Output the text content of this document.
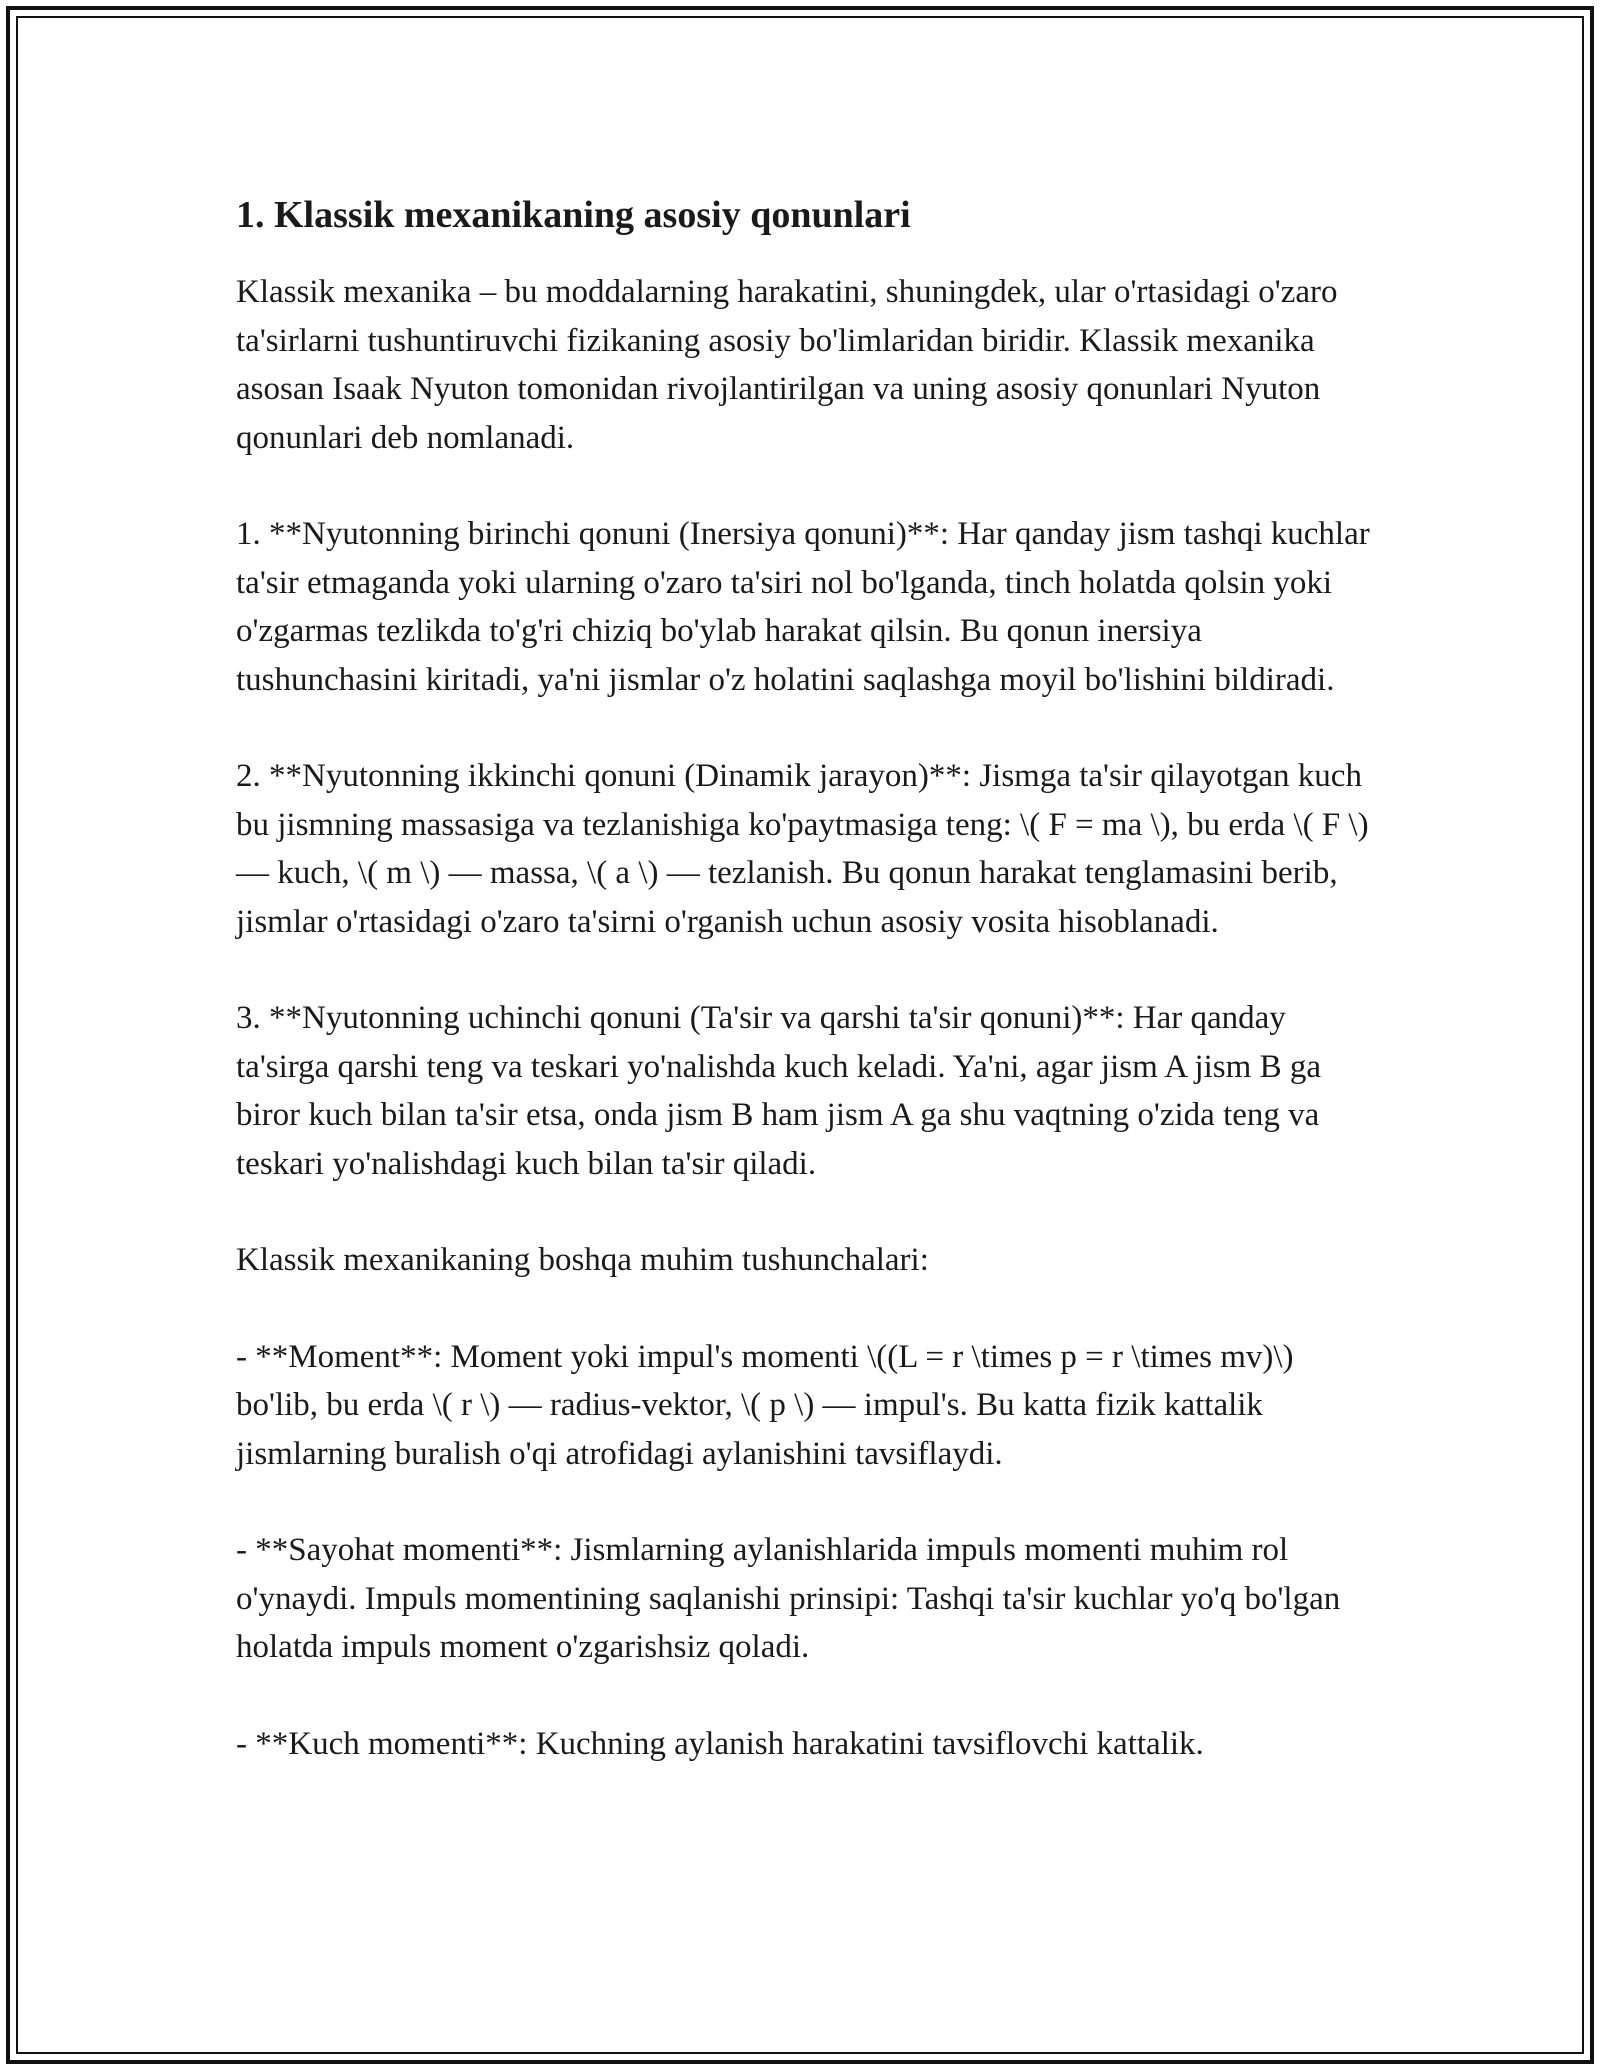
1. Klassik mexanikaning asosiy qonunlari

Klassik mexanika – bu moddalarning harakatini, shuningdek, ular o'rtasidagi o'zaro ta'sirlarni tushuntiruvchi fizikaning asosiy bo'limlaridan biridir. Klassik mexanika asosan Isaak Nyuton tomonidan rivojlantirilgan va uning asosiy qonunlari Nyuton qonunlari deb nomlanadi.

1. **Nyutonning birinchi qonuni (Inersiya qonuni)**: Har qanday jism tashqi kuchlar ta'sir etmaganda yoki ularning o'zaro ta'siri nol bo'lganda, tinch holatda qolsin yoki o'zgarmas tezlikda to'g'ri chiziq bo'ylab harakat qilsin. Bu qonun inersiya tushunchasini kiritadi, ya'ni jismlar o'z holatini saqlashga moyil bo'lishini bildiradi.

2. **Nyutonning ikkinchi qonuni (Dinamik jarayon)**: Jismga ta'sir qilayotgan kuch bu jismning massasiga va tezlanishiga ko'paytmasiga teng: \( F = ma \), bu erda \( F \) — kuch, \( m \) — massa, \( a \) — tezlanish. Bu qonun harakat tenglamasini berib, jismlar o'rtasidagi o'zaro ta'sirni o'rganish uchun asosiy vosita hisoblanadi.

3. **Nyutonning uchinchi qonuni (Ta'sir va qarshi ta'sir qonuni)**: Har qanday ta'sirga qarshi teng va teskari yo'nalishda kuch keladi. Ya'ni, agar jism A jism B ga biror kuch bilan ta'sir etsa, onda jism B ham jism A ga shu vaqtning o'zida teng va teskari yo'nalishdagi kuch bilan ta'sir qiladi.

Klassik mexanikaning boshqa muhim tushunchalari:

- **Moment**: Moment yoki impul's momenti \((L = r \times p = r \times mv)\) bo'lib, bu erda \( r \) — radius-vektor, \( p \) — impul's. Bu katta fizik kattalik jismlarning buralish o'qi atrofidagi aylanishini tavsiflaydi.

- **Sayohat momenti**: Jismlarning aylanishlarida impuls momenti muhim rol o'ynaydi. Impuls momentining saqlanishi prinsipi: Tashqi ta'sir kuchlar yo'q bo'lgan holatda impuls moment o'zgarishsiz qoladi.

- **Kuch momenti**: Kuchning aylanish harakatini tavsiflovchi kattalik.
